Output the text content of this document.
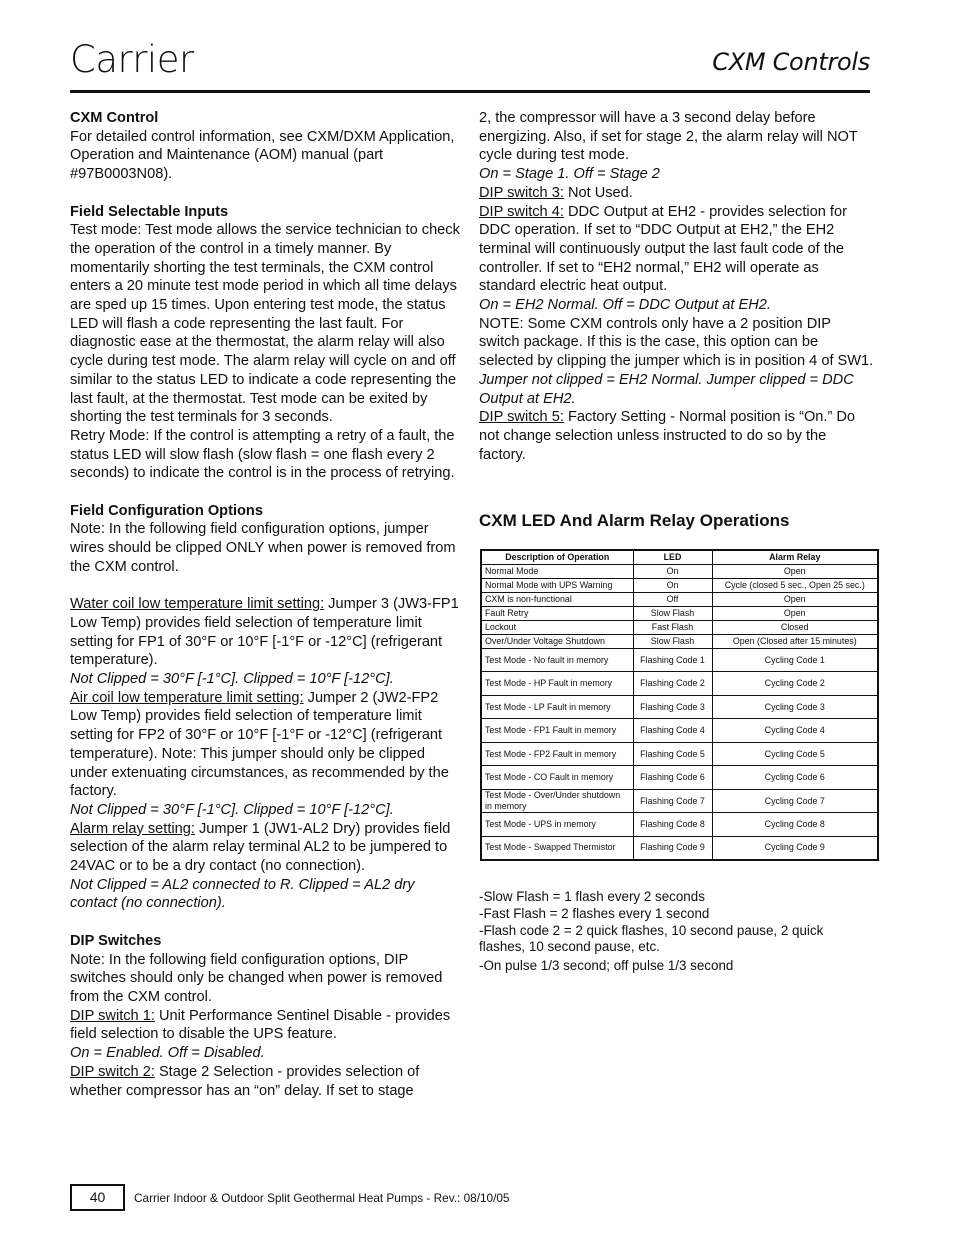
Carrier	CXM Controls
CXM Control
For detailed control information, see CXM/DXM Application, Operation and Maintenance (AOM) manual (part #97B0003N08).
Field Selectable Inputs
Test mode: Test mode allows the service technician to check the operation of the control in a timely manner. By momentarily shorting the test terminals, the CXM control enters a 20 minute test mode period in which all time delays are sped up 15 times. Upon entering test mode, the status LED will flash a code representing the last fault. For diagnostic ease at the thermostat, the alarm relay will also cycle during test mode. The alarm relay will cycle on and off similar to the status LED to indicate a code representing the last fault, at the thermostat. Test mode can be exited by shorting the test terminals for 3 seconds.
Retry Mode: If the control is attempting a retry of a fault, the status LED will slow flash (slow flash = one flash every 2 seconds) to indicate the control is in the process of retrying.
Field Configuration Options
Note: In the following field configuration options, jumper wires should be clipped ONLY when power is removed from the CXM control.
Water coil low temperature limit setting: Jumper 3 (JW3-FP1 Low Temp) provides field selection of temperature limit setting for FP1 of 30°F or 10°F [-1°F or -12°C] (refrigerant temperature).
Not Clipped = 30°F [-1°C]. Clipped = 10°F [-12°C].
Air coil low temperature limit setting: Jumper 2 (JW2-FP2 Low Temp) provides field selection of temperature limit setting for FP2 of 30°F or 10°F [-1°F or -12°C] (refrigerant temperature). Note: This jumper should only be clipped under extenuating circumstances, as recommended by the factory.
Not Clipped = 30°F [-1°C]. Clipped = 10°F [-12°C].
Alarm relay setting: Jumper 1 (JW1-AL2 Dry) provides field selection of the alarm relay terminal AL2 to be jumpered to 24VAC or to be a dry contact (no connection).
Not Clipped = AL2 connected to R. Clipped = AL2 dry contact (no connection).
DIP Switches
Note: In the following field configuration options, DIP switches should only be changed when power is removed from the CXM control.
DIP switch 1: Unit Performance Sentinel Disable - provides field selection to disable the UPS feature.
On = Enabled. Off = Disabled.
DIP switch 2: Stage 2 Selection - provides selection of whether compressor has an “on” delay. If set to stage
2, the compressor will have a 3 second delay before energizing. Also, if set for stage 2, the alarm relay will NOT cycle during test mode.
On = Stage 1. Off = Stage 2
DIP switch 3: Not Used.
DIP switch 4: DDC Output at EH2 - provides selection for DDC operation. If set to “DDC Output at EH2,” the EH2 terminal will continuously output the last fault code of the controller. If set to “EH2 normal,” EH2 will operate as standard electric heat output.
On = EH2 Normal. Off = DDC Output at EH2.
NOTE: Some CXM controls only have a 2 position DIP switch package. If this is the case, this option can be selected by clipping the jumper which is in position 4 of SW1.
Jumper not clipped = EH2 Normal. Jumper clipped = DDC Output at EH2.
DIP switch 5: Factory Setting - Normal position is “On.” Do not change selection unless instructed to do so by the factory.
CXM LED And Alarm Relay Operations
Description of Operation	LED	Alarm Relay
Normal Mode	On	Open
Normal Mode with UPS Warning	On	Cycle (closed 5 sec., Open 25 sec.)
CXM is non-functional	Off	Open
Fault Retry	Slow Flash	Open
Lockout	Fast Flash	Closed
Over/Under Voltage Shutdown	Slow Flash	Open (Closed after 15 minutes)
Test Mode - No fault in memory	Flashing Code 1	Cycling Code 1
Test Mode - HP Fault in memory	Flashing Code 2	Cycling Code 2
Test Mode - LP Fault in memory	Flashing Code 3	Cycling Code 3
Test Mode - FP1 Fault in memory	Flashing Code 4	Cycling Code 4
Test Mode - FP2 Fault in memory	Flashing Code 5	Cycling Code 5
Test Mode - CO Fault in memory	Flashing Code 6	Cycling Code 6
Test Mode - Over/Under shutdown in memory	Flashing Code 7	Cycling Code 7
Test Mode - UPS in memory	Flashing Code 8	Cycling Code 8
Test Mode - Swapped Thermistor	Flashing Code 9	Cycling Code 9
-Slow Flash = 1 flash every 2 seconds
-Fast Flash = 2 flashes every 1 second
-Flash code 2 = 2 quick flashes, 10 second pause, 2 quick flashes, 10 second pause, etc.
-On pulse 1/3 second; off pulse 1/3 second
40	Carrier Indoor & Outdoor Split Geothermal Heat Pumps - Rev.: 08/10/05
